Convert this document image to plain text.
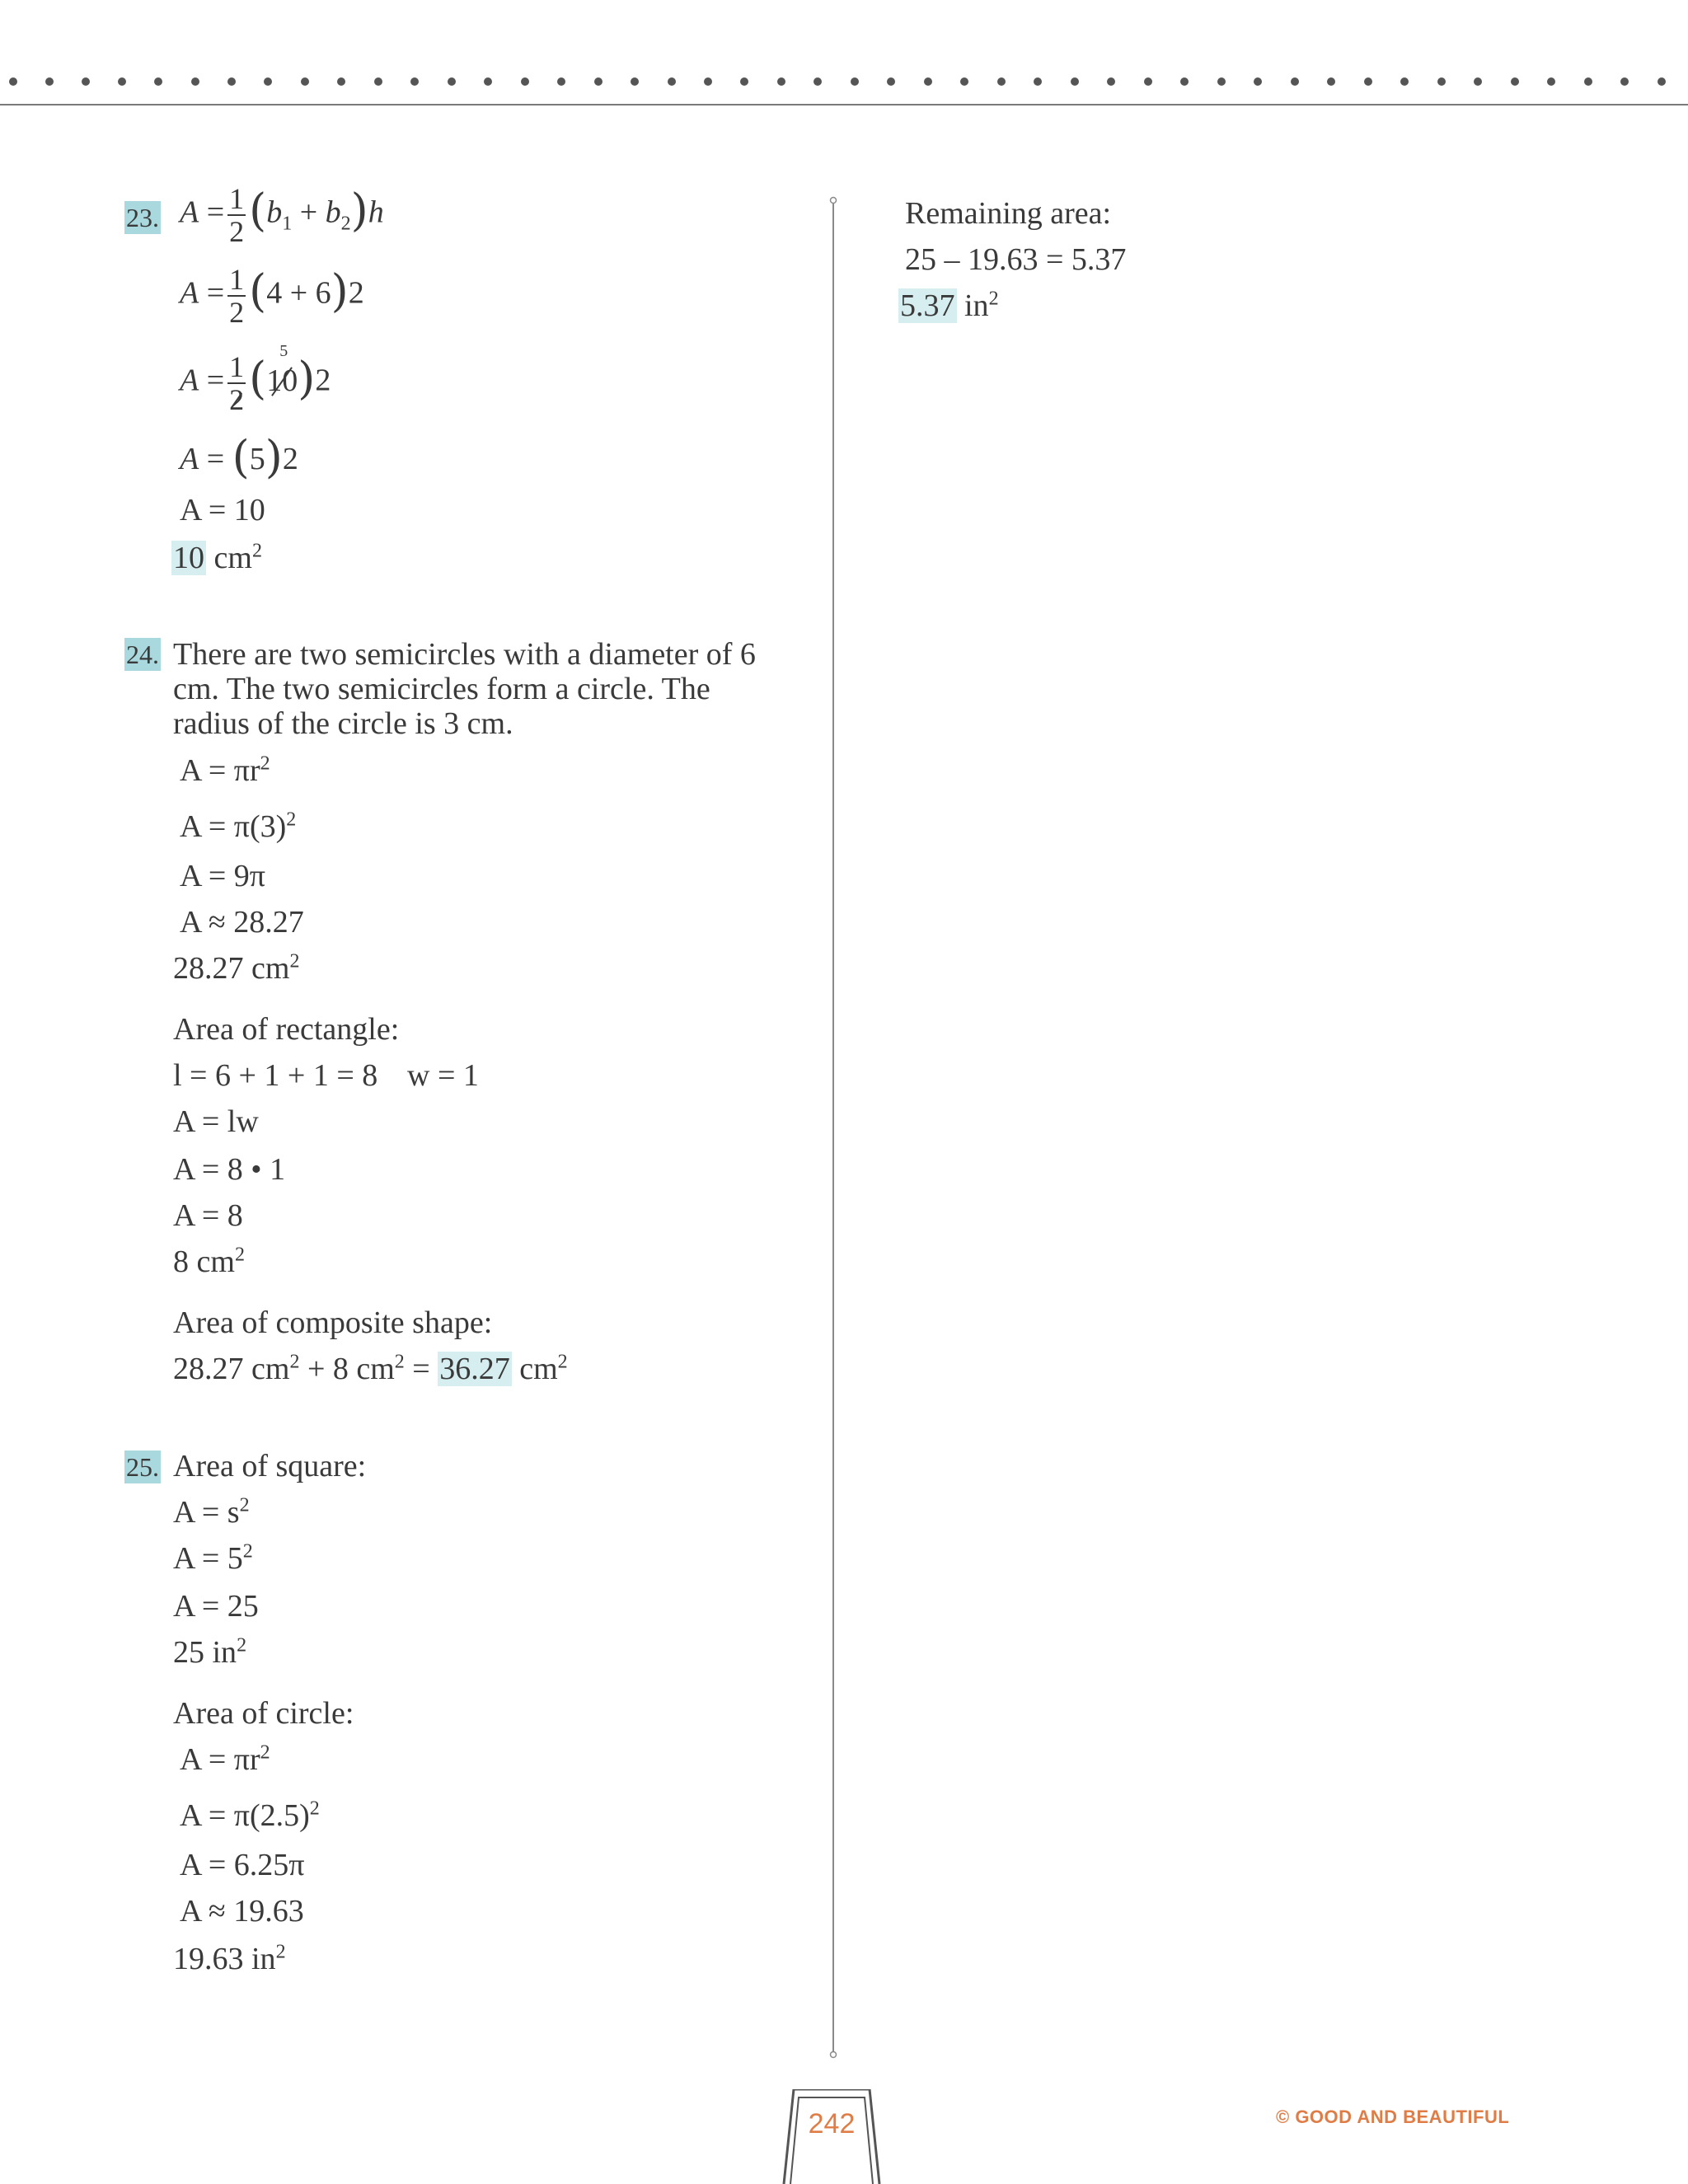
23. $A = \frac{1}{2} (b_1 + b_2)h$
$A = \frac{1}{2} (4 + 6)2$
$A = \frac{1}{2} (10$
5
)2
A = (5)2
A = 10
10 $cm^2$
24. There are two semicircles with a diameter of 6 cm. The two semicircles form a circle. The radius of the circle is 3 cm.
$A = \pi r^2$
$A = \pi(3)^2$
A = 9π
A ≈ 28.27
28.27 $cm^2$
Area of rectangle:
l = 6 + 1 + 1 = 8 w = 1
A = lw
A = 8 • 1
A = 8
8 $cm^2$
Area of composite shape:
28.27 $cm^2 + 8$ $cm^2 = 36.27$ $cm^2$
25. Area of square:
$A = s^2$
$A = 5^2$
A = 25
25 $in^2$
Area of circle:
$A = \pi r^2$
$A = \pi(2.5)^2$
A = 6.25π
A ≈ 19.63
19.63 $in^2$
Remaining area:
25 – 19.63 = 5.37
5.37 $in^2$
242	© GOOD AND BEAUTIFUL
